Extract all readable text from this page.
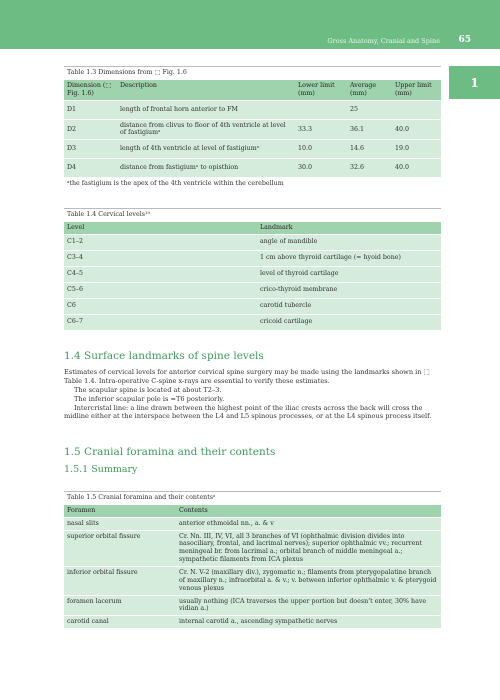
Gross Anatomy, Cranial and Spine 65
1
Table 1.3 Dimensions from ⬚ Fig. 1.6				
Dimension (⬚ Fig. 1.6)	Description	Lower limit (mm)	Average (mm)	Upper limit (mm)
D1	length of frontal horn anterior to FM		25	
D2	distance from clivus to floor of 4th ventricle at level of fastigiumᵃ	33.3	36.1	40.0
D3	length of 4th ventricle at level of fastigiumᵃ	10.0	14.6	19.0
D4	distance from fastigiumᵃ to opisthion	30.0	32.6	40.0
ᵃthe fastigium is the apex of the 4th ventricle within the cerebellum				
Table 1.4 Cervical levels¹⁹	
Level	Landmark
C1–2	angle of mandible
C3–4	1 cm above thyroid cartilage (≈ hyoid bone)
C4–5	level of thyroid cartilage
C5–6	crico-thyroid membrane
C6	carotid tubercle
C6–7	cricoid cartilage
1.4 Surface landmarks of spine levels

Estimates of cervical levels for anterior cervical spine surgery may be made using the landmarks shown in ⬚ Table 1.4. Intra-operative C-spine x-rays are essential to verify these estimates.

The scapular spine is located at about T2–3.

The inferior scapular pole is ≈T6 posteriorly.

Intercristal line: a line drawn between the highest point of the iliac crests across the back will cross the midline either at the interspace between the L4 and L5 spinous processes, or at the L4 spinous process itself.

1.5 Cranial foramina and their contents
1.5.1 Summary
Table 1.5 Cranial foramina and their contentsᵃ	
Foramen	Contents
nasal slits	anterior ethmoidal nn., a. & v
superior orbital fissure	Cr. Nn. III, IV, VI, all 3 branches of VI (ophthalmic division divides into nasociliary, frontal, and lacrimal nerves); superior ophthalmic vv.; recurrent meningeal br. from lacrimal a.; orbital branch of middle meningeal a.; sympathetic filaments from ICA plexus
inferior orbital fissure	Cr. N. V-2 (maxillary div.), zygomatic n.; filaments from pterygopalatine branch of maxillary n.; infraorbital a. & v.; v. between inferior ophthalmic v. & pterygoid venous plexus
foramen lacerum	usually nothing (ICA traverses the upper portion but doesn’t enter, 30% have vidian a.)
carotid canal	internal carotid a., ascending sympathetic nerves
